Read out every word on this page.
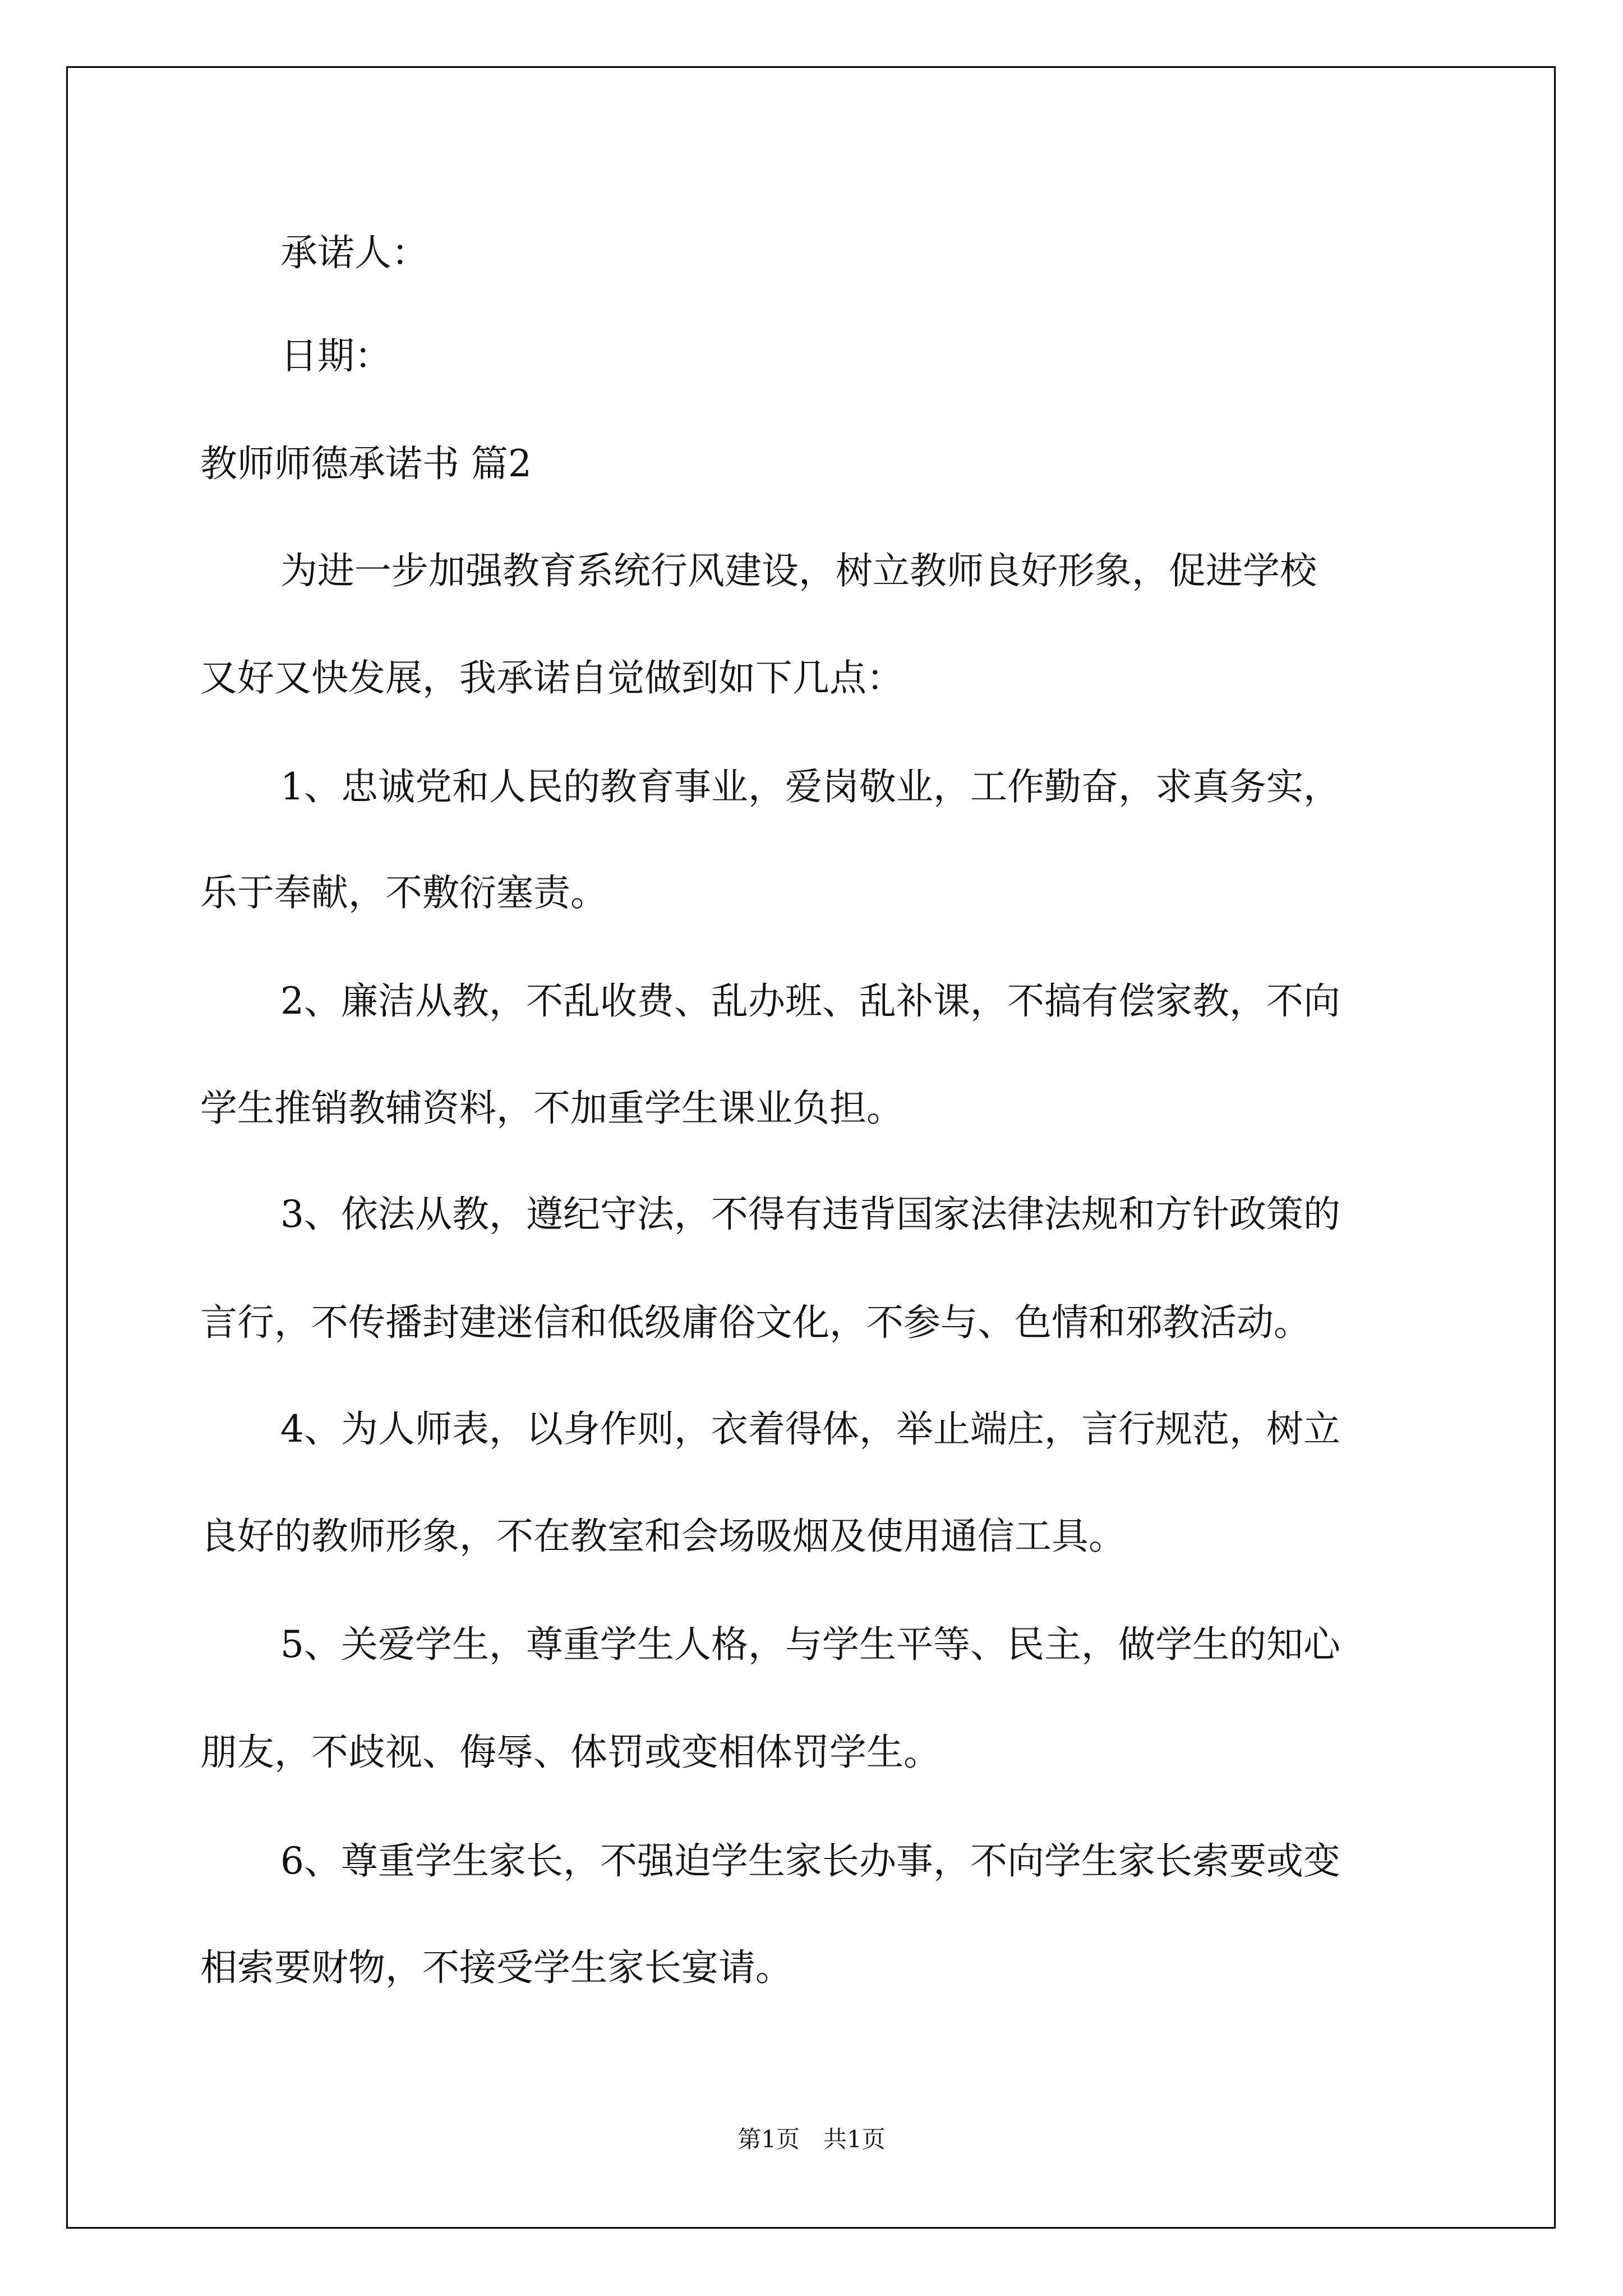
承诺人：
日期：
教师师德承诺书 篇2
为进一步加强教育系统行风建设，树立教师良好形象，促进学校
又好又快发展，我承诺自觉做到如下几点：
1、忠诚党和人民的教育事业，爱岗敬业，工作勤奋，求真务实，
乐于奉献，不敷衍塞责。
2、廉洁从教，不乱收费、乱办班、乱补课，不搞有偿家教，不向
学生推销教辅资料，不加重学生课业负担。
3、依法从教，遵纪守法，不得有违背国家法律法规和方针政策的
言行，不传播封建迷信和低级庸俗文化，不参与、色情和邪教活动。
4、为人师表，以身作则，衣着得体，举止端庄，言行规范，树立
良好的教师形象，不在教室和会场吸烟及使用通信工具。
5、关爱学生，尊重学生人格，与学生平等、民主，做学生的知心
朋友，不歧视、侮辱、体罚或变相体罚学生。
6、尊重学生家长，不强迫学生家长办事，不向学生家长索要或变
相索要财物，不接受学生家长宴请。
第1页　共1页
